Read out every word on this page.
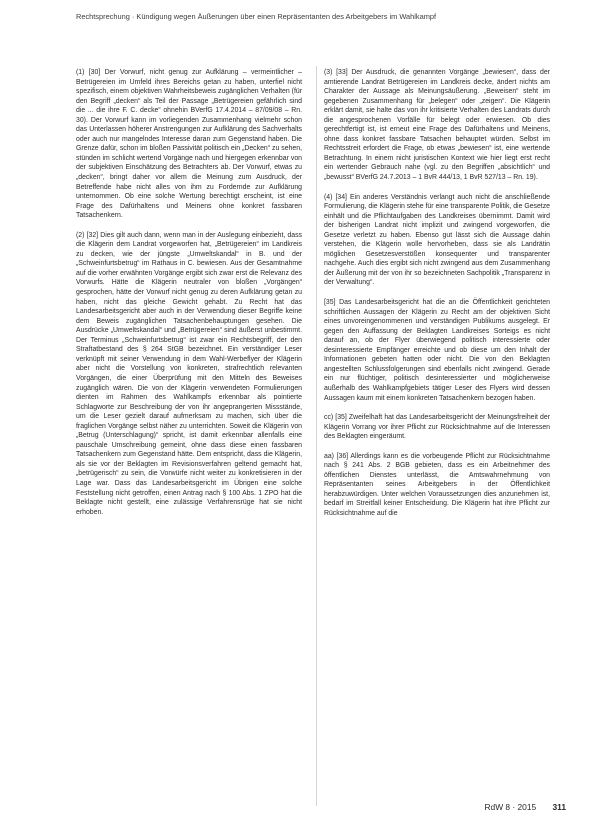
Rechtsprechung · Kündigung wegen Äußerungen über einen Repräsentanten des Arbeitgebers im Wahlkampf

(1) [30] Der Vorwurf, nicht genug zur Aufklärung – vermeintlicher – Betrügereien im Umfeld ihres Bereichs getan zu haben, unterfiel nicht spezifisch, einem objektiven Wahrheitsbeweis zugänglichen Verhalten (für den Begriff „decken“ als Teil der Passage „Betrügereien gefährlich sind die ... die ihre F. C. decke“ ohnehin BVerfG 17.4.2014 – 87/09/08 – Rn. 30). Der Vorwurf kann im vorliegenden Zusammenhang vielmehr schon das Unterlassen höherer Anstrengungen zur Aufklärung des Sachverhalts oder auch nur mangelndes Interesse daran zum Gegenstand haben. Die Grenze dafür, schon im bloßen Passivität politisch ein „Decken“ zu sehen, stünden im schlicht wertend Vorgänge nach und hiergegen erkennbar von der subjektiven Einschätzung des Betrachters ab. Der Vorwurf, etwas zu „decken“, bringt daher vor allem die Meinung zum Ausdruck, der Betreffende habe nicht alles von ihm zu Fordernde zur Aufklärung unternommen. Ob eine solche Wertung berechtigt erscheint, ist eine Frage des Dafürhaltens und Meinens ohne konkret fassbaren Tatsachenkern.

(2) [32] Dies gilt auch dann, wenn man in der Auslegung einbezieht, dass die Klägerin dem Landrat vorgeworfen hat, „Betrügereien“ im Landkreis zu decken, wie der jüngste „Umweltskandal“ in B. und der „Schweinfurtsbetrug“ im Rathaus in C. bewiesen. Aus der Gesamtnahme auf die vorher erwähnten Vorgänge ergibt sich zwar erst die Relevanz des Vorwurfs. Hätte die Klägerin neutraler von bloßen „Vorgängen“ gesprochen, hätte der Vorwurf nicht genug zu deren Aufklärung getan zu haben, nicht das gleiche Gewicht gehabt. Zu Recht hat das Landesarbeitsgericht aber auch in der Verwendung dieser Begriffe keine dem Beweis zugänglichen Tatsachenbehauptungen gesehen. Die Ausdrücke „Umweltskandal“ und „Betrügereien“ sind äußerst unbestimmt. Der Terminus „Schweinfurtsbetrug“ ist zwar ein Rechtsbegriff, der den Straftatbestand des § 264 StGB bezeichnet. Ein verständiger Leser verknüpft mit seiner Verwendung in dem Wahl-Werbeflyer der Klägerin aber nicht die Vorstellung von konkreten, strafrechtlich relevanten Vorgängen, die einer Überprüfung mit den Mitteln des Beweises zugänglich wären. Die von der Klägerin verwendeten Formulierungen dienten im Rahmen des Wahlkampfs erkennbar als pointierte Schlagworte zur Beschreibung der von ihr angeprangerten Missstände, um die Leser gezielt darauf aufmerksam zu machen, sich über die fraglichen Vorgänge selbst näher zu unterrichten. Soweit die Klägerin von „Betrug (Unterschlagung)“ spricht, ist damit erkennbar allenfalls eine pauschale Umschreibung gemeint, ohne dass diese einen fassbaren Tatsachenkern zum Gegenstand hätte. Dem entspricht, dass die Klägerin, als sie vor der Beklagten im Revisionsverfahren geltend gemacht hat, „betrügerisch“ zu sein, die Vorwürfe nicht weiter zu konkretisieren in der Lage war. Dass das Landesarbeitsgericht im Übrigen eine solche Feststellung nicht getroffen, einen Antrag nach § 100 Abs. 1 ZPO hat die Beklagte nicht gestellt, eine zulässige Verfahrensrüge hat sie nicht erhoben.

(3) [33] Der Ausdruck, die genannten Vorgänge „bewiesen“, dass der amtierende Landrat Betrügereien im Landkreis decke, ändert nichts am Charakter der Aussage als Meinungsäußerung. „Beweisen“ steht im gegebenen Zusammenhang für „belegen“ oder „zeigen“. Die Klägerin erklärt damit, sie halte das von ihr kritisierte Verhalten des Landrats durch die angesprochenen Vorfälle für belegt oder erwiesen. Ob dies gerechtfertigt ist, ist erneut eine Frage des Dafürhaltens und Meinens, ohne dass konkret fassbare Tatsachen behauptet würden. Selbst im Rechtsstreit erfordert die Frage, ob etwas „bewiesen“ ist, eine wertende Betrachtung. In einem nicht juristischen Kontext wie hier liegt erst recht ein wertender Gebrauch nahe (vgl. zu den Begriffen „absichtlich“ und „bewusst“ BVerfG 24.7.2013 – 1 BvR 444/13, 1 BvR 527/13 – Rn. 19).

(4) [34] Ein anderes Verständnis verlangt auch nicht die anschließende Formulierung, die Klägerin stehe für eine transparente Politik, die Gesetze einhält und die Pflichtaufgaben des Landkreises übernimmt. Damit wird der bisherigen Landrat nicht implizit und zwingend vorgeworfen, die Gesetze verletzt zu haben. Ebenso gut lässt sich die Aussage dahin verstehen, die Klägerin wolle hervorheben, dass sie als Landrätin möglichen Gesetzesverstößen konsequenter und transparenter nachgehe. Auch dies ergibt sich nicht zwingend aus dem Zusammenhang der Äußerung mit der von ihr so bezeichneten Sachpolitik „Transparenz in der Verwaltung“.

[35] Das Landesarbeitsgericht hat die an die Öffentlichkeit gerichteten schriftlichen Aussagen der Klägerin zu Recht am der objektiven Sicht eines unvoreingenommenen und verständigen Publikums ausgelegt. Er gegen den Auffassung der Beklagten Landkreises Sorteigs es nicht darauf an, ob der Flyer überwiegend politisch interessierte oder desinteressierte Empfänger erreichte und ob diese um den Inhalt der Informationen gebeten hatten oder nicht. Die von den Beklagten angestellten Schlussfolgerungen sind ebenfalls nicht zwingend. Gerade ein nur flüchtiger, politisch desinteressierter und möglicherweise außerhalb des Wahlkampfgebiets tätiger Leser des Flyers wird dessen Aussagen kaum mit einem konkreten Tatsachenkern bezogen haben.

cc) [35] Zweifelhaft hat das Landesarbeitsgericht der Meinungsfreiheit der Klägerin Vorrang vor ihrer Pflicht zur Rücksichtnahme auf die Interessen des Beklagten eingeräumt.

aa) [36] Allerdings kann es die vorbeugende Pflicht zur Rücksichtnahme nach § 241 Abs. 2 BGB gebieten, dass es ein Arbeitnehmer des öffentlichen Dienstes unterlässt, die Amtswahrnehmung von Repräsentanten seines Arbeitgebers in der Öffentlichkeit herabzuwürdigen. Unter welchen Voraussetzungen dies anzunehmen ist, bedarf im Streitfall keiner Entscheidung. Die Klägerin hat ihre Pflicht zur Rücksichtnahme auf die

RdW 8 · 2015 311
